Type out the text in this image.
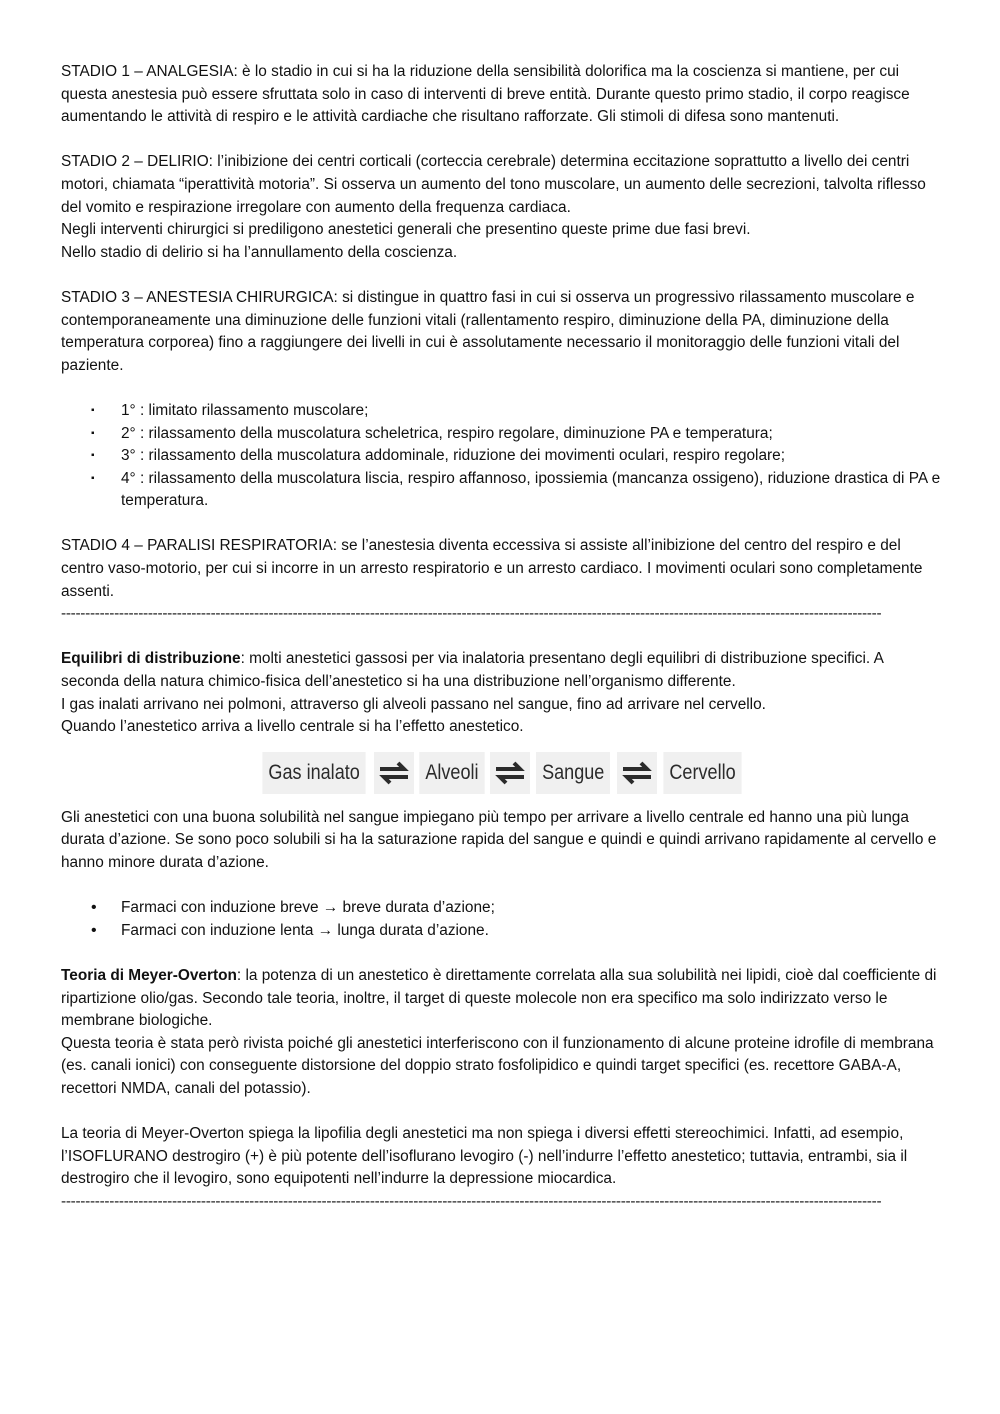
STADIO 1 – ANALGESIA: è lo stadio in cui si ha la riduzione della sensibilità dolorifica ma la coscienza si mantiene, per cui questa anestesia può essere sfruttata solo in caso di interventi di breve entità. Durante questo primo stadio, il corpo reagisce aumentando le attività di respiro e le attività cardiache che risultano rafforzate. Gli stimoli di difesa sono mantenuti.

STADIO 2 – DELIRIO: l’inibizione dei centri corticali (corteccia cerebrale) determina eccitazione soprattutto a livello dei centri motori, chiamata “iperattività motoria”. Si osserva un aumento del tono muscolare, un aumento delle secrezioni, talvolta riflesso del vomito e respirazione irregolare con aumento della frequenza cardiaca.

Negli interventi chirurgici si prediligono anestetici generali che presentino queste prime due fasi brevi.

Nello stadio di delirio si ha l’annullamento della coscienza.

STADIO 3 – ANESTESIA CHIRURGICA: si distingue in quattro fasi in cui si osserva un progressivo rilassamento muscolare e contemporaneamente una diminuzione delle funzioni vitali (rallentamento respiro, diminuzione della PA, diminuzione della temperatura corporea) fino a raggiungere dei livelli in cui è assolutamente necessario il monitoraggio delle funzioni vitali del paziente.

▪	1° : limitato rilassamento muscolare;
▪	2° : rilassamento della muscolatura scheletrica, respiro regolare, diminuzione PA e temperatura;
▪	3° : rilassamento della muscolatura addominale, riduzione dei movimenti oculari, respiro regolare;
▪	4° : rilassamento della muscolatura liscia, respiro affannoso, ipossiemia (mancanza ossigeno), riduzione drastica di PA e temperatura.

STADIO 4 – PARALISI RESPIRATORIA: se l’anestesia diventa eccessiva si assiste all’inibizione del centro del respiro e del centro vaso-motorio, per cui si incorre in un arresto respiratorio e un arresto cardiaco. I movimenti oculari sono completamente assenti.

--------------------------------------------------------------------------------------------------------------------------------------------------------------------------

Equilibri di distribuzione: molti anestetici gassosi per via inalatoria presentano degli equilibri di distribuzione specifici. A seconda della natura chimico-fisica dell’anestetico si ha una distribuzione nell’organismo differente.

I gas inalati arrivano nei polmoni, attraverso gli alveoli passano nel sangue, fino ad arrivare nel cervello.

Quando l’anestetico arriva a livello centrale si ha l’effetto anestetico.

Gas inalato	Alveoli	Sangue	Cervello

Gli anestetici con una buona solubilità nel sangue impiegano più tempo per arrivare a livello centrale ed hanno una più lunga durata d’azione. Se sono poco solubili si ha la saturazione rapida del sangue e quindi e quindi arrivano rapidamente al cervello e hanno minore durata d’azione.

•	Farmaci con induzione breve → breve durata d’azione;
•	Farmaci con induzione lenta → lunga durata d’azione.

Teoria di Meyer-Overton: la potenza di un anestetico è direttamente correlata alla sua solubilità nei lipidi, cioè dal coefficiente di ripartizione olio/gas. Secondo tale teoria, inoltre, il target di queste molecole non era specifico ma solo indirizzato verso le membrane biologiche.

Questa teoria è stata però rivista poiché gli anestetici interferiscono con il funzionamento di alcune proteine idrofile di membrana (es. canali ionici) con conseguente distorsione del doppio strato fosfolipidico e quindi target specifici (es. recettore GABA-A, recettori NMDA, canali del potassio).

La teoria di Meyer-Overton spiega la lipofilia degli anestetici ma non spiega i diversi effetti stereochimici. Infatti, ad esempio, l’ISOFLURANO destrogiro (+) è più potente dell’isoflurano levogiro (-) nell’indurre l’effetto anestetico; tuttavia, entrambi, sia il destrogiro che il levogiro, sono equipotenti nell’indurre la depressione miocardica.

--------------------------------------------------------------------------------------------------------------------------------------------------------------------------
